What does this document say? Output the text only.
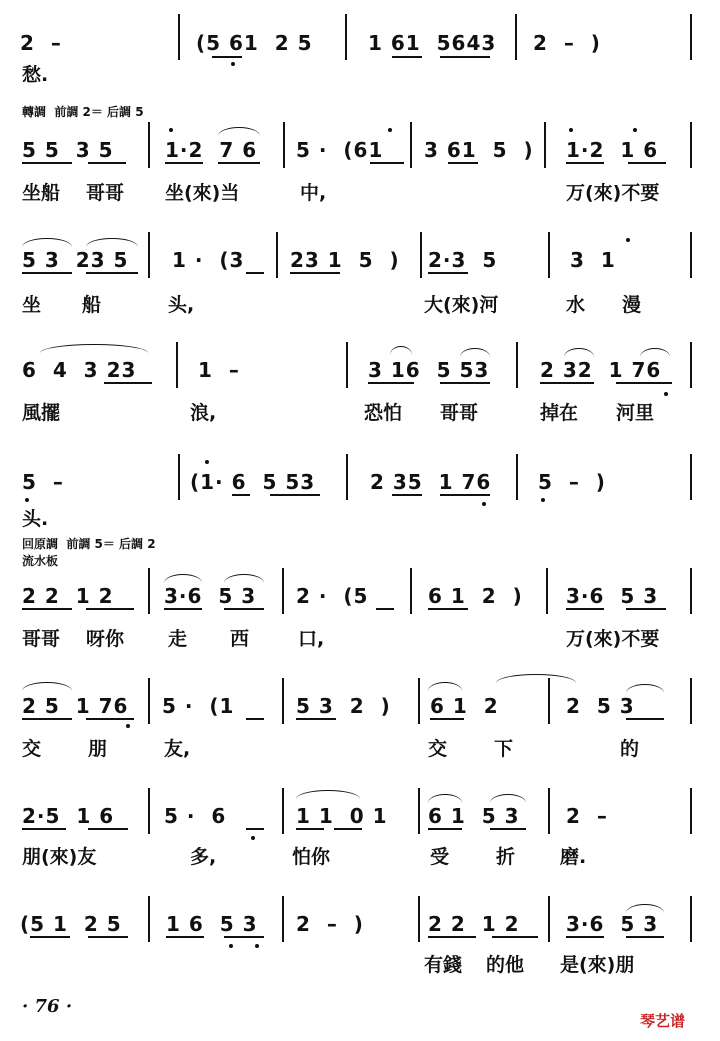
2  –	(5 61  2 5	1 61  5643 2  –  )
愁.
轉調  前調 2＝ 后調 5
5 5  3 5	1·2  7 6 5 ·  (61 3 61  5  ) 1·2  1 6
坐船 哥哥 坐(來)当	中,	万(來)不要
5 3  23 5 1 ·  (3 23 1  5  ) 2·3  5	3  1
坐 船	头,	大(來)河	水 漫
6  4  3 23	1  –	3 16  5 53	2 32  1 76
風擺	浪,	恐怕 哥哥	掉在 河里
5  –	(1· 6  5 53	2 35  1 76 5  –  )
头.
回原調  前調 5＝ 后調 2
流水板
2 2  1 2	3·6  5 3 2 ·  (5	6 1  2  ) 3·6  5 3
哥哥 呀你 走 西	口,	万(來)不要
2 5  1 76 5 ·  (1	5 3  2  ) 6 1  2	2  5 3
交 朋	友,	交 下	的
2·5  1 6 5 ·  6	1 1  0 1 6 1  5 3 2  –
朋(來)友	多,	怕你	受 折 磨.
(5 1  2 5 1 6  5 3 2  –  )	2 2  1 2 3·6  5 3
有錢 的他 是(來)朋
· 76 ·
琴艺谱
